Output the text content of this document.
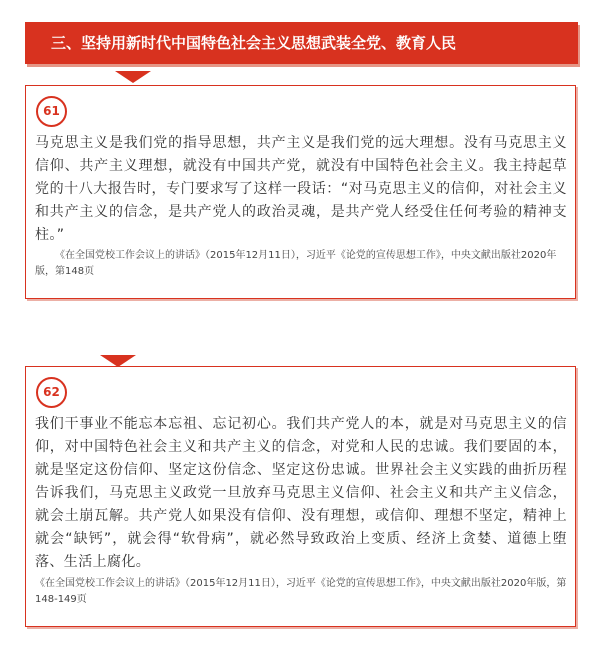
三、坚持用新时代中国特色社会主义思想武装全党、教育人民
61
马克思主义是我们党的指导思想，共产主义是我们党的远大理想。没有马克思主义信仰、共产主义理想，就没有中国共产党，就没有中国特色社会主义。我主持起草党的十八大报告时，专门要求写了这样一段话：“对马克思主义的信仰，对社会主义和共产主义的信念，是共产党人的政治灵魂，是共产党人经受住任何考验的精神支柱。”
《在全国党校工作会议上的讲话》（2015年12月11日），习近平《论党的宣传思想工作》，中央文献出版社2020年版，第148页
62
我们干事业不能忘本忘祖、忘记初心。我们共产党人的本，就是对马克思主义的信仰，对中国特色社会主义和共产主义的信念，对党和人民的忠诚。我们要固的本，就是坚定这份信仰、坚定这份信念、坚定这份忠诚。世界社会主义实践的曲折历程告诉我们，马克思主义政党一旦放弃马克思主义信仰、社会主义和共产主义信念，就会土崩瓦解。共产党人如果没有信仰、没有理想，或信仰、理想不坚定，精神上就会“缺钙”，就会得“软骨病”，就必然导致政治上变质、经济上贪婪、道德上堕落、生活上腐化。
《在全国党校工作会议上的讲话》（2015年12月11日），习近平《论党的宣传思想工作》，中央文献出版社2020年版，第148-149页
